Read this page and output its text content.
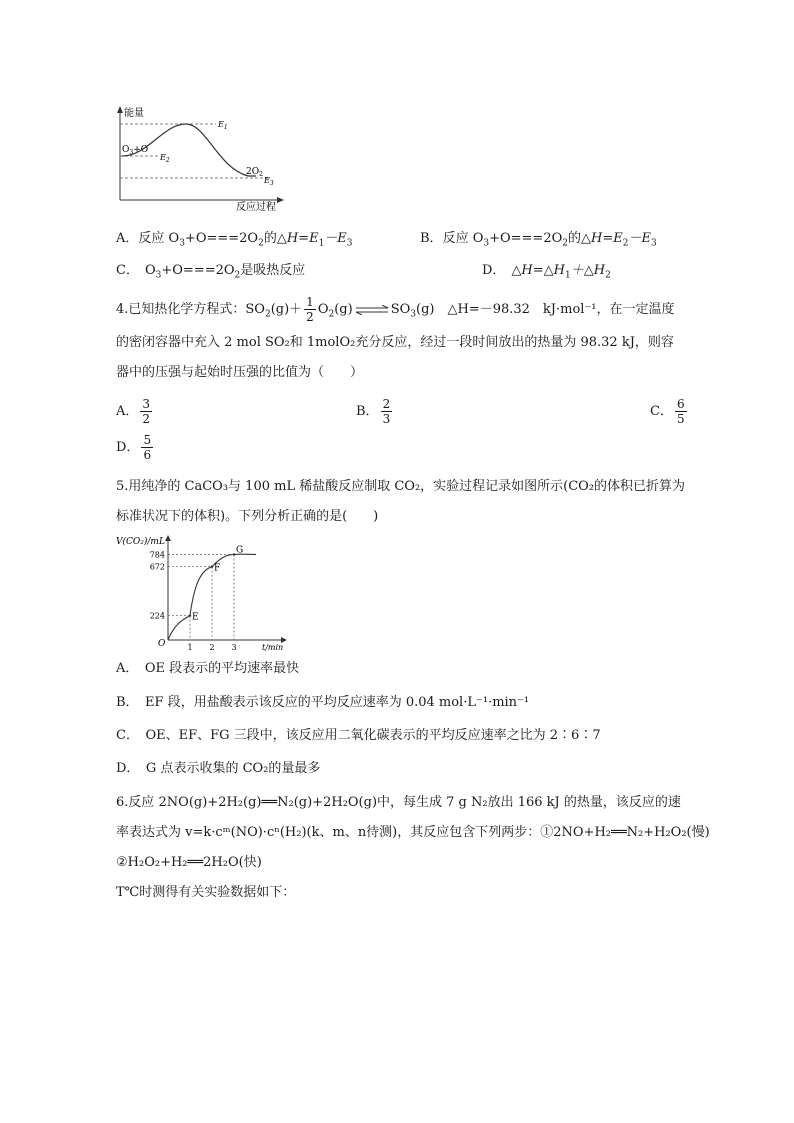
能量
$E_1$
$E_2$
$O_3+O$
$2O_2$
$E_3$
反应过程
A．反应 $O_3+O===2O_2$的$\triangle H=E_1-E_3$	B．反应 $O_3+O===2O_2$的$\triangle H=E_2-E_3$
C． $O_3+O===2O_2$是吸热反应	D． $\triangle H=\triangle H_1+\triangle H_2$
4.已知热化学方程式：$SO_2(g)+ \frac{1}{2} O_2(g)$ ⇌ $SO_3(g)$　△H=－98.32　kJ·mol⁻¹，在一定温度
的密闭容器中充入 2 mol SO₂和 1molO₂充分反应，经过一段时间放出的热量为 98.32 kJ，则容
器中的压强与起始时压强的比值为（　　）
A． $\frac{3}{2}$	B． $\frac{2}{3}$	C． $\frac{6}{5}$
D． $\frac{5}{6}$
5.用纯净的 CaCO₃与 100 mL 稀盐酸反应制取 CO₂，实验过程记录如图所示(CO₂的体积已折算为
标准状况下的体积)。下列分析正确的是(　　)
V(CO₂)/mL
t/min
O
E
F
G
224
672
784
1 2 3
A．　OE 段表示的平均速率最快
B．　EF 段，用盐酸表示该反应的平均反应速率为 0.04 mol·L⁻¹·min⁻¹
C．　OE、EF、FG 三段中，该反应用二氧化碳表示的平均反应速率之比为 2∶6∶7
D．　G 点表示收集的 CO₂的量最多
6.反应 2NO(g)+2H₂(g)══N₂(g)+2H₂O(g)中，每生成 7 g N₂放出 166 kJ 的热量，该反应的速
率表达式为 v=k·cᵐ(NO)·cⁿ(H₂)(k、m、n待测)，其反应包含下列两步：①2NO+H₂══N₂+H₂O₂(慢)
②H₂O₂+H₂══2H₂O(快)
T℃时测得有关实验数据如下：
